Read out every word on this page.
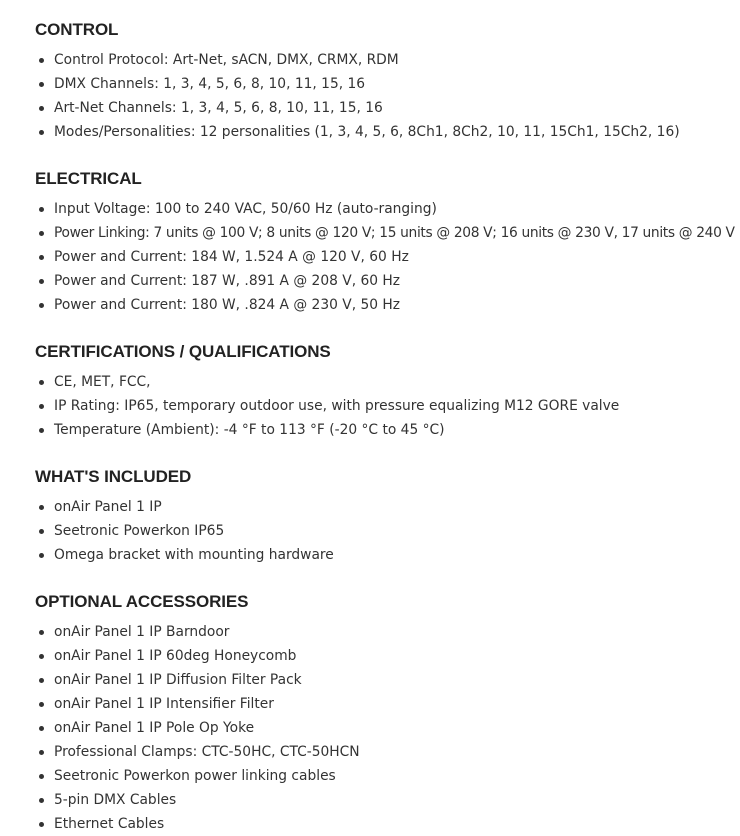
CONTROL
Control Protocol: Art-Net, sACN, DMX, CRMX, RDM
DMX Channels: 1, 3, 4, 5, 6, 8, 10, 11, 15, 16
Art-Net Channels: 1, 3, 4, 5, 6, 8, 10, 11, 15, 16
Modes/Personalities: 12 personalities (1, 3, 4, 5, 6, 8Ch1, 8Ch2, 10, 11, 15Ch1, 15Ch2, 16)
ELECTRICAL
Input Voltage: 100 to 240 VAC, 50/60 Hz (auto-ranging)
Power Linking: 7 units @ 100 V; 8 units @ 120 V; 15 units @ 208 V; 16 units @ 230 V, 17 units @ 240 V
Power and Current: 184 W, 1.524 A @ 120 V, 60 Hz
Power and Current: 187 W, .891 A @ 208 V, 60 Hz
Power and Current: 180 W, .824 A @ 230 V, 50 Hz
CERTIFICATIONS / QUALIFICATIONS
CE, MET, FCC,
IP Rating: IP65, temporary outdoor use, with pressure equalizing M12 GORE valve
Temperature (Ambient): -4 °F to 113 °F (-20 °C to 45 °C)
WHAT'S INCLUDED
onAir Panel 1 IP
Seetronic Powerkon IP65
Omega bracket with mounting hardware
OPTIONAL ACCESSORIES
onAir Panel 1 IP Barndoor
onAir Panel 1 IP 60deg Honeycomb
onAir Panel 1 IP Diffusion Filter Pack
onAir Panel 1 IP Intensifier Filter
onAir Panel 1 IP Pole Op Yoke
Professional Clamps: CTC-50HC, CTC-50HCN
Seetronic Powerkon power linking cables
5-pin DMX Cables
Ethernet Cables
